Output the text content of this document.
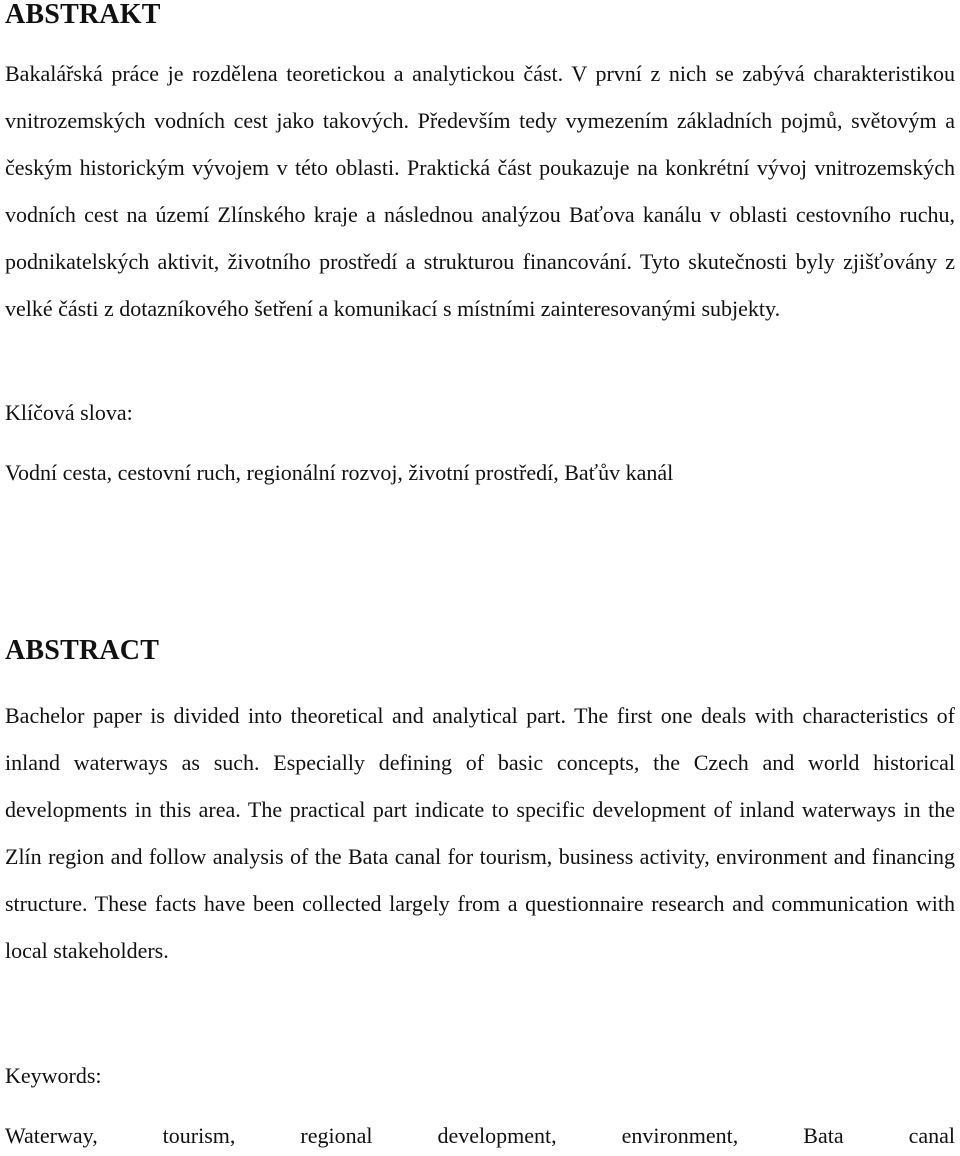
ABSTRAKT

Bakalářská práce je rozdělena teoretickou a analytickou část. V první z nich se zabývá charakteristikou vnitrozemských vodních cest jako takových. Především tedy vymezením základních pojmů, světovým a českým historickým vývojem v této oblasti. Praktická část poukazuje na konkrétní vývoj vnitrozemských vodních cest na území Zlínského kraje a následnou analýzou Baťova kanálu v oblasti cestovního ruchu, podnikatelských aktivit, životního prostředí a strukturou financování. Tyto skutečnosti byly zjišťovány z velké části z dotazníkového šetření a komunikací s místními zainteresovanými subjekty.

Klíčová slova:

Vodní cesta, cestovní ruch, regionální rozvoj, životní prostředí, Baťův kanál

ABSTRACT

Bachelor paper is divided into theoretical and analytical part. The first one deals with characteristics of inland waterways as such. Especially defining of basic concepts, the Czech and world historical developments in this area. The practical part indicate to specific development of inland waterways in the Zlín region and follow analysis of the Bata canal for tourism, business activity, environment and financing structure. These facts have been collected largely from a questionnaire research and communication with local stakeholders.

Keywords:

Waterway, tourism, regional development, environment, Bata canal
